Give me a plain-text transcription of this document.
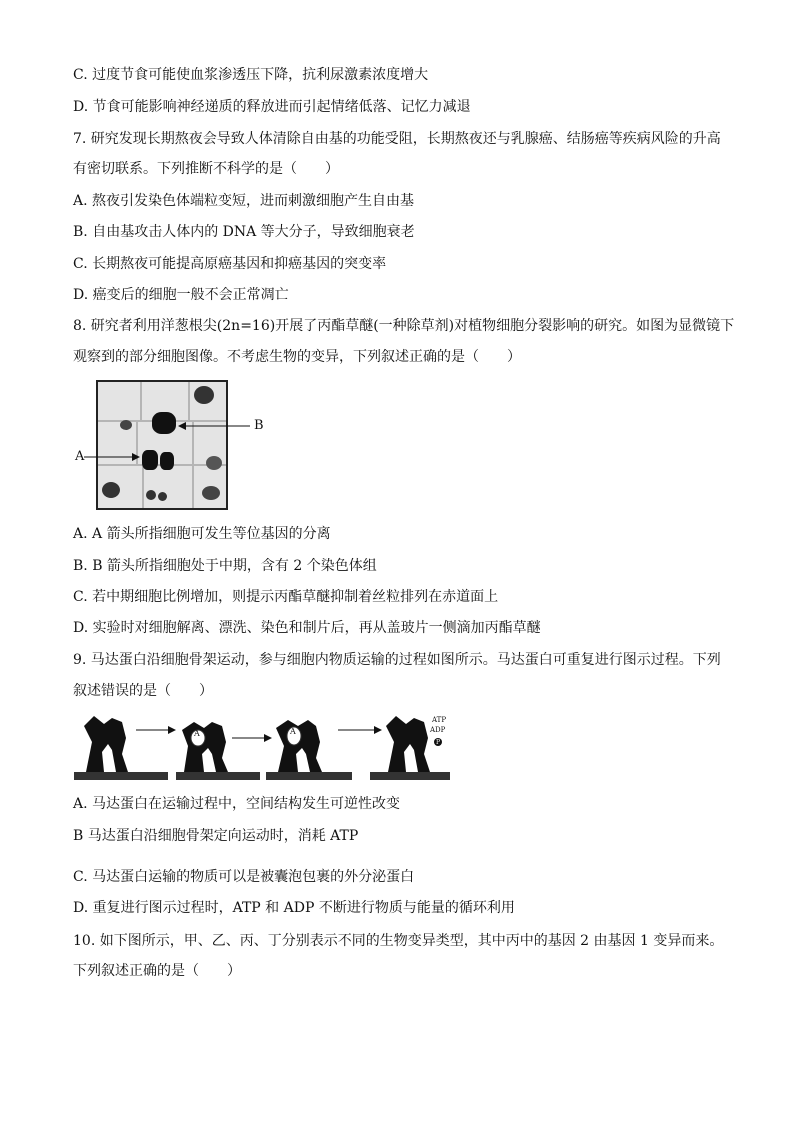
C. 过度节食可能使血浆渗透压下降，抗利尿激素浓度增大
D. 节食可能影响神经递质的释放进而引起情绪低落、记忆力减退
7. 研究发现长期熬夜会导致人体清除自由基的功能受阻，长期熬夜还与乳腺癌、结肠癌等疾病风险的升高
有密切联系。下列推断不科学的是（　　）
A. 熬夜引发染色体端粒变短，进而刺激细胞产生自由基
B. 自由基攻击人体内的 DNA 等大分子，导致细胞衰老
C. 长期熬夜可能提高原癌基因和抑癌基因的突变率
D. 癌变后的细胞一般不会正常凋亡
8. 研究者利用洋葱根尖(2n=16)开展了丙酯草醚(一种除草剂)对植物细胞分裂影响的研究。如图为显微镜下
观察到的部分细胞图像。不考虑生物的变异，下列叙述正确的是（　　）
B
A
A. A 箭头所指细胞可发生等位基因的分离
B. B 箭头所指细胞处于中期，含有 2 个染色体组
C. 若中期细胞比例增加，则提示丙酯草醚抑制着丝粒排列在赤道面上
D. 实验时对细胞解离、漂洗、染色和制片后，再从盖玻片一侧滴加丙酯草醚
9. 马达蛋白沿细胞骨架运动，参与细胞内物质运输的过程如图所示。马达蛋白可重复进行图示过程。下列
叙述错误的是（　　）
A	A
ATP
ADP
P
A. 马达蛋白在运输过程中，空间结构发生可逆性改变
B 马达蛋白沿细胞骨架定向运动时，消耗 ATP
C. 马达蛋白运输的物质可以是被囊泡包裹的外分泌蛋白
D. 重复进行图示过程时，ATP 和 ADP 不断进行物质与能量的循环利用
10. 如下图所示，甲、乙、丙、丁分别表示不同的生物变异类型，其中丙中的基因 2 由基因 1 变异而来。
下列叙述正确的是（　　）
